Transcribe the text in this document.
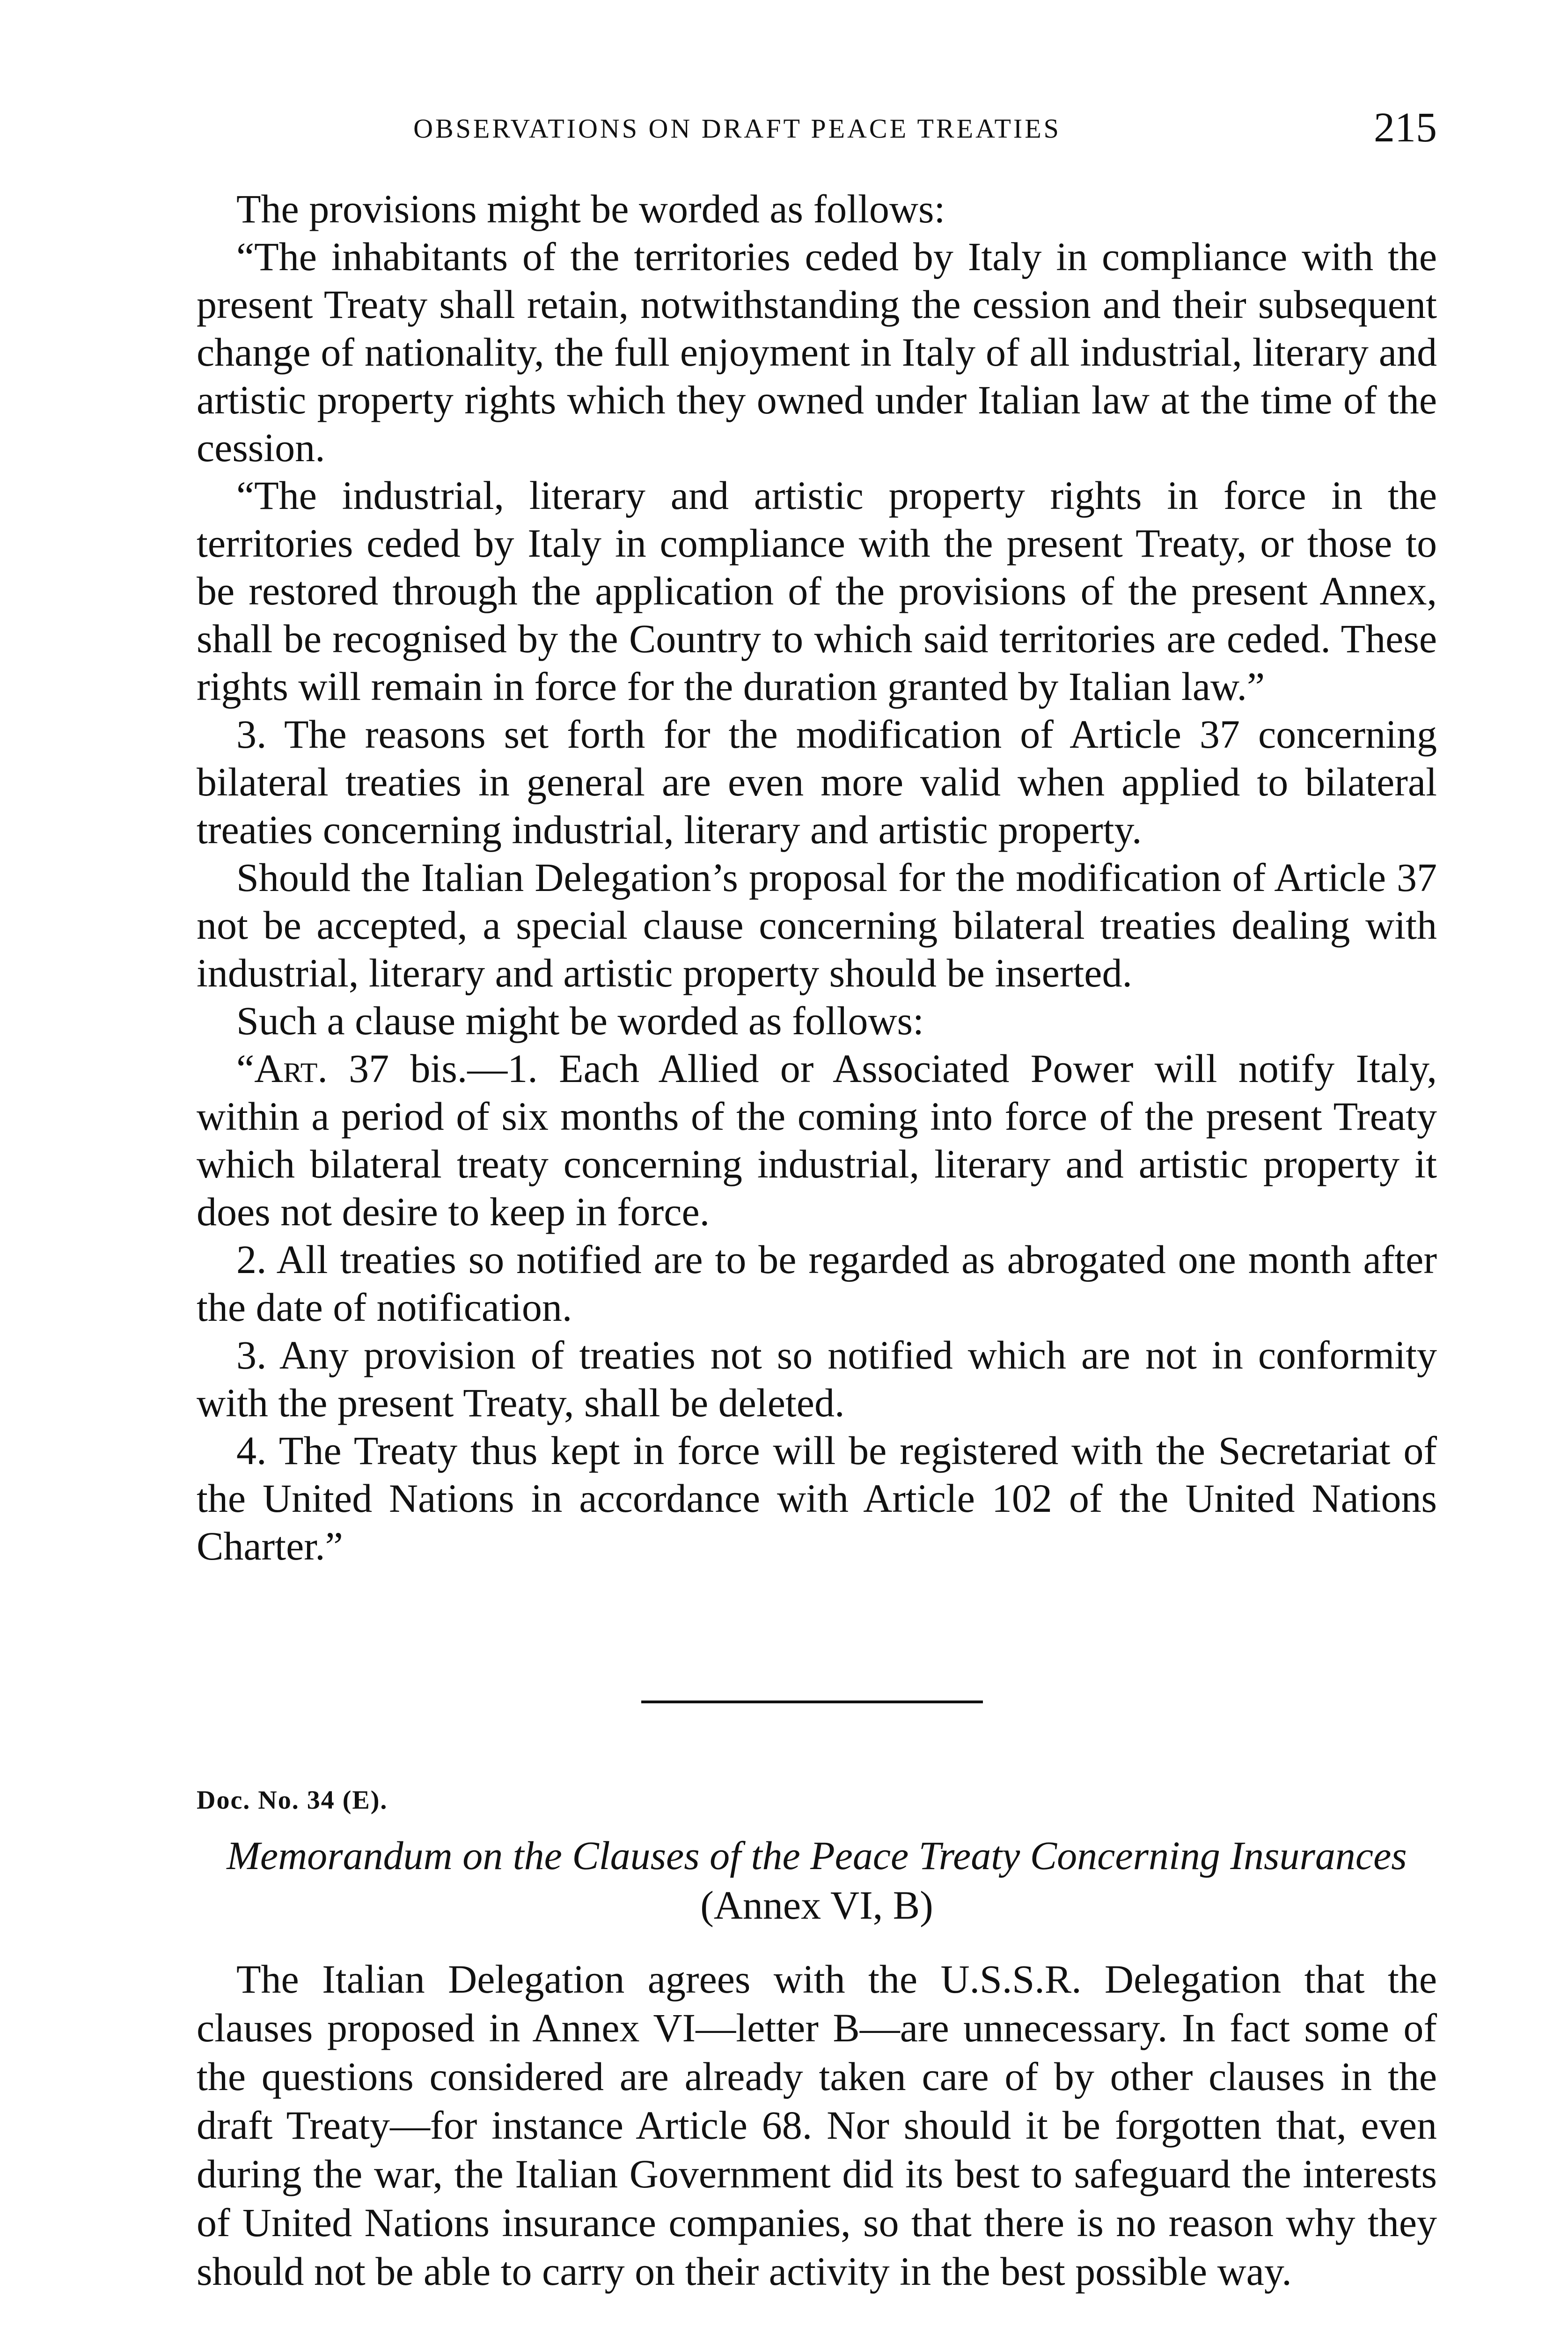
OBSERVATIONS ON DRAFT PEACE TREATIES	215

The provisions might be worded as follows:

“The inhabitants of the territories ceded by Italy in compliance with the present Treaty shall retain, notwithstanding the cession and their subsequent change of nationality, the full enjoyment in Italy of all industrial, literary and artistic property rights which they owned under Italian law at the time of the cession.

“The industrial, literary and artistic property rights in force in the territories ceded by Italy in compliance with the present Treaty, or those to be restored through the application of the provisions of the present Annex, shall be recognised by the Country to which said territories are ceded. These rights will remain in force for the duration granted by Italian law.”

3. The reasons set forth for the modification of Article 37 concerning bilateral treaties in general are even more valid when applied to bilateral treaties concerning industrial, literary and artistic property.

Should the Italian Delegation’s proposal for the modification of Article 37 not be accepted, a special clause concerning bilateral treaties dealing with industrial, literary and artistic property should be inserted.

Such a clause might be worded as follows:

“Art. 37 bis.—1. Each Allied or Associated Power will notify Italy, within a period of six months of the coming into force of the present Treaty which bilateral treaty concerning industrial, literary and artistic property it does not desire to keep in force.

2. All treaties so notified are to be regarded as abrogated one month after the date of notification.

3. Any provision of treaties not so notified which are not in conformity with the present Treaty, shall be deleted.

4. The Treaty thus kept in force will be registered with the Secretariat of the United Nations in accordance with Article 102 of the United Nations Charter.”

Doc. No. 34 (E).
Memorandum on the Clauses of the Peace Treaty Concerning Insurances (Annex VI, B)

The Italian Delegation agrees with the U.S.S.R. Delegation that the clauses proposed in Annex VI—letter B—are unnecessary. In fact some of the questions considered are already taken care of by other clauses in the draft Treaty—for instance Article 68. Nor should it be forgotten that, even during the war, the Italian Government did its best to safeguard the interests of United Nations insurance companies, so that there is no reason why they should not be able to carry on their activity in the best possible way.
